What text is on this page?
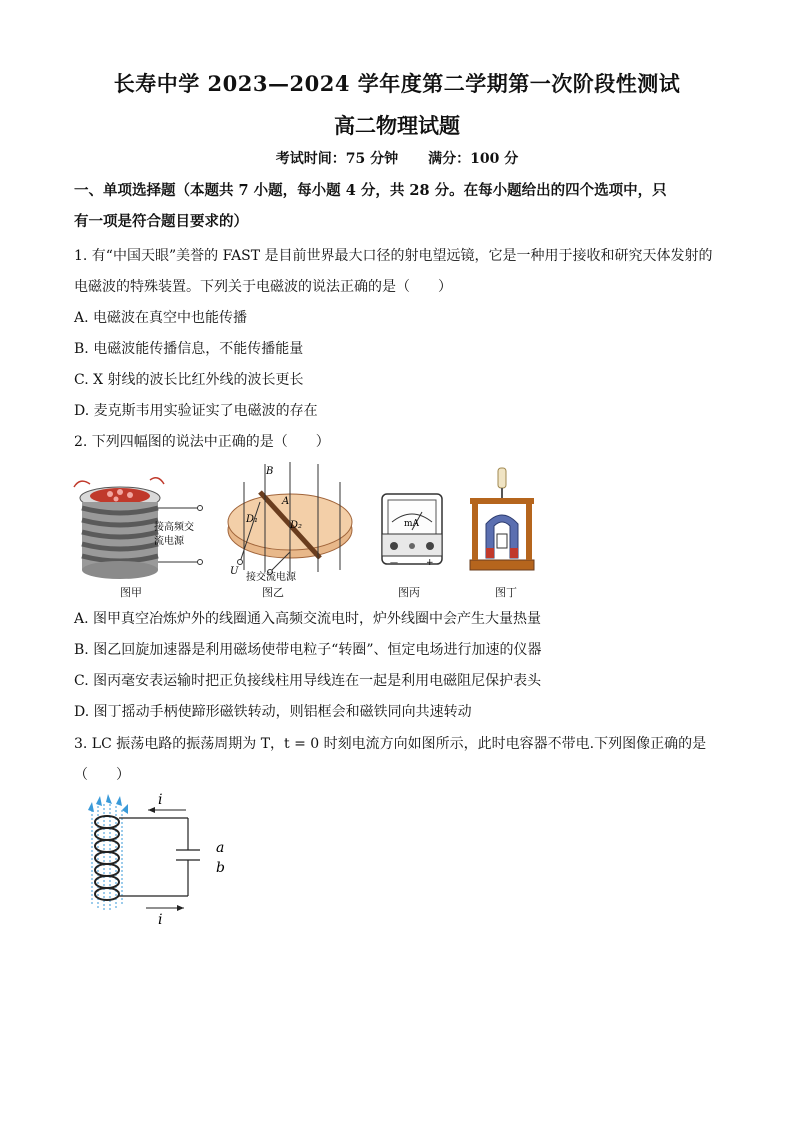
长寿中学 2023—2024 学年度第二学期第一次阶段性测试
高二物理试题
考试时间：75 分钟 满分：100 分
一、单项选择题（本题共 7 小题，每小题 4 分，共 28 分。在每小题给出的四个选项中，只
有一项是符合题目要求的）
1. 有“中国天眼”美誉的 FAST 是目前世界最大口径的射电望远镜，它是一种用于接收和研究天体发射的
电磁波的特殊装置。下列关于电磁波的说法正确的是（　　）
A. 电磁波在真空中也能传播
B. 电磁波能传播信息，不能传播能量
C. X 射线的波长比红外线的波长更长
D. 麦克斯韦用实验证实了电磁波的存在
2. 下列四幅图的说法中正确的是（　　）
接高频交
流电源
B
A
D₁
D₂
U
接交流电源
mA
—	+
图甲	图乙	图丙	图丁
A. 图甲真空冶炼炉外的线圈通入高频交流电时，炉外线圈中会产生大量热量
B. 图乙回旋加速器是利用磁场使带电粒子“转圈”、恒定电场进行加速的仪器
C. 图丙毫安表运输时把正负接线柱用导线连在一起是利用电磁阻尼保护表头
D. 图丁摇动手柄使蹄形磁铁转动，则铝框会和磁铁同向共速转动
3. LC 振荡电路的振荡周期为 T，t = 0 时刻电流方向如图所示，此时电容器不带电.下列图像正确的是
（　　）
i
i
a
b
